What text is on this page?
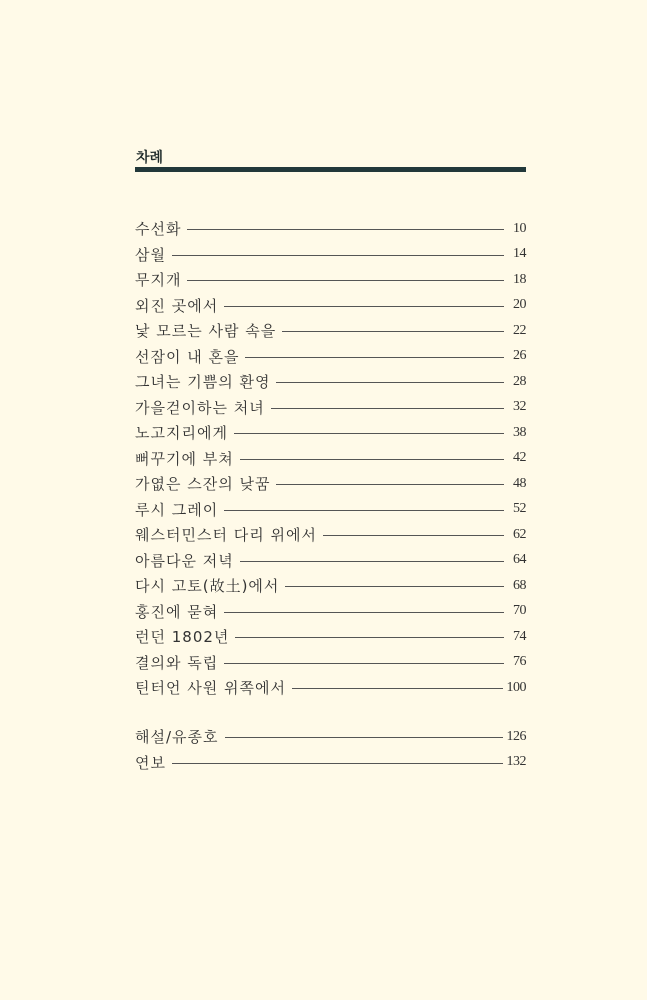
차례
수선화	10
삼월	14
무지개	18
외진 곳에서	20
낯 모르는 사람 속을	22
선잠이 내 혼을	26
그녀는 기쁨의 환영	28
가을걷이하는 처녀	32
노고지리에게	38
뻐꾸기에 부쳐	42
가엾은 스잔의 낮꿈	48
루시 그레이	52
웨스터민스터 다리 위에서	62
아름다운 저녁	64
다시 고토(故土)에서	68
홍진에 묻혀	70
런던 1802년	74
결의와 독립	76
틴터언 사원 위쪽에서	100
해설/유종호	126
연보	132
